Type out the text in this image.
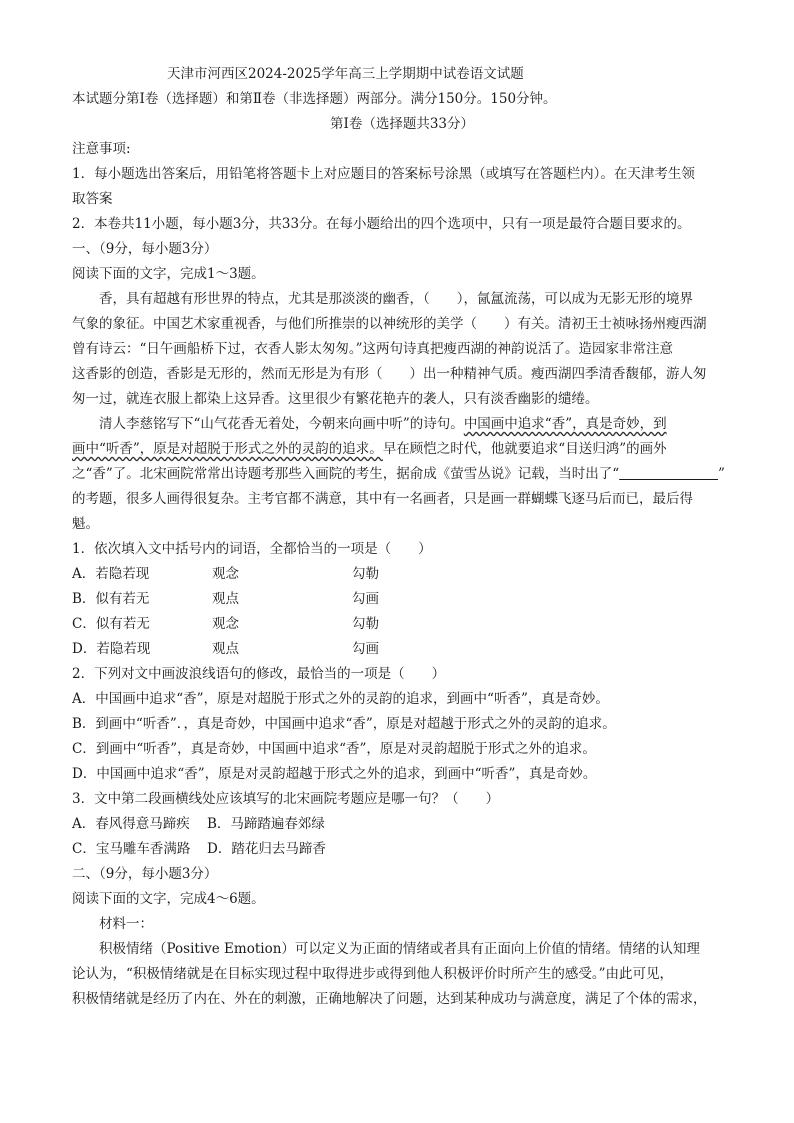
天津市河西区2024-2025学年高三上学期期中试卷语文试题
本试题分第Ⅰ卷（选择题）和第Ⅱ卷（非选择题）两部分。满分150分。150分钟。
第Ⅰ卷（选择题共33分）
注意事项:
1．每小题选出答案后，用铅笔将答题卡上对应题目的答案标号涂黑（或填写在答题栏内）。在天津考生领
取答案
2．本卷共11小题，每小题3分，共33分。在每小题给出的四个选项中，只有一项是最符合题目要求的。
一、（9分，每小题3分）
阅读下面的文字，完成1～3题。
香，具有超越有形世界的特点，尤其是那淡淡的幽香，（　　），氤氲流荡，可以成为无影无形的境界
气象的象征。中国艺术家重视香，与他们所推崇的以神统形的美学（　　）有关。清初王士祯咏扬州瘦西湖
曾有诗云：“日午画船桥下过，衣香人影太匆匆。”这两句诗真把瘦西湖的神韵说活了。造园家非常注意
这香影的创造，香影是无形的，然而无形是为有形（　　）出一种精神气质。瘦西湖四季清香馥郁，游人匆
匆一过，就连衣服上都染上这异香。这里很少有繁花艳卉的袭人，只有淡香幽影的缱绻。
清人李慈铭写下“山气花香无着处，今朝来向画中听”的诗句。中国画中追求“香”，真是奇妙，到
画中“听香”，原是对超脱于形式之外的灵韵的追求。早在顾恺之时代，他就要追求“目送归鸿”的画外
之“香”了。北宋画院常常出诗题考那些入画院的考生，据俞成《萤雪丛说》记载，当时出了“　　　　　　　	”
的考题，很多人画得很复杂。主考官都不满意，其中有一名画者，只是画一群蝴蝶飞逐马后而已，最后得
魁。
1．依次填入文中括号内的词语，全都恰当的一项是（　　）
A．若隐若现	观念	勾勒
B．似有若无	观点	勾画
C．似有若无	观念	勾勒
D．若隐若现	观点	勾画
2．下列对文中画波浪线语句的修改，最恰当的一项是（　　）
A．中国画中追求“香”，原是对超脱于形式之外的灵韵的追求，到画中“听香”，真是奇妙。
B．到画中“听香”．，真是奇妙，中国画中追求“香”，原是对超越于形式之外的灵韵的追求。
C．到画中“听香”，真是奇妙，中国画中追求“香”，原是对灵韵超脱于形式之外的追求。
D．中国画中追求“香”，原是对灵韵超越于形式之外的追求，到画中“听香”，真是奇妙。
3．文中第二段画横线处应该填写的北宋画院考题应是哪一句？（　　）
A．春风得意马蹄疾 B．马蹄踏遍春郊绿
C．宝马雕车香满路 D．踏花归去马蹄香
二、（9分，每小题3分）
阅读下面的文字，完成4～6题。
材料一：
积极情绪（Positive Emotion）可以定义为正面的情绪或者具有正面向上价值的情绪。情绪的认知理
论认为，“积极情绪就是在目标实现过程中取得进步或得到他人积极评价时所产生的感受。”由此可见，
积极情绪就是经历了内在、外在的刺激，正确地解决了问题，达到某种成功与满意度，满足了个体的需求，
